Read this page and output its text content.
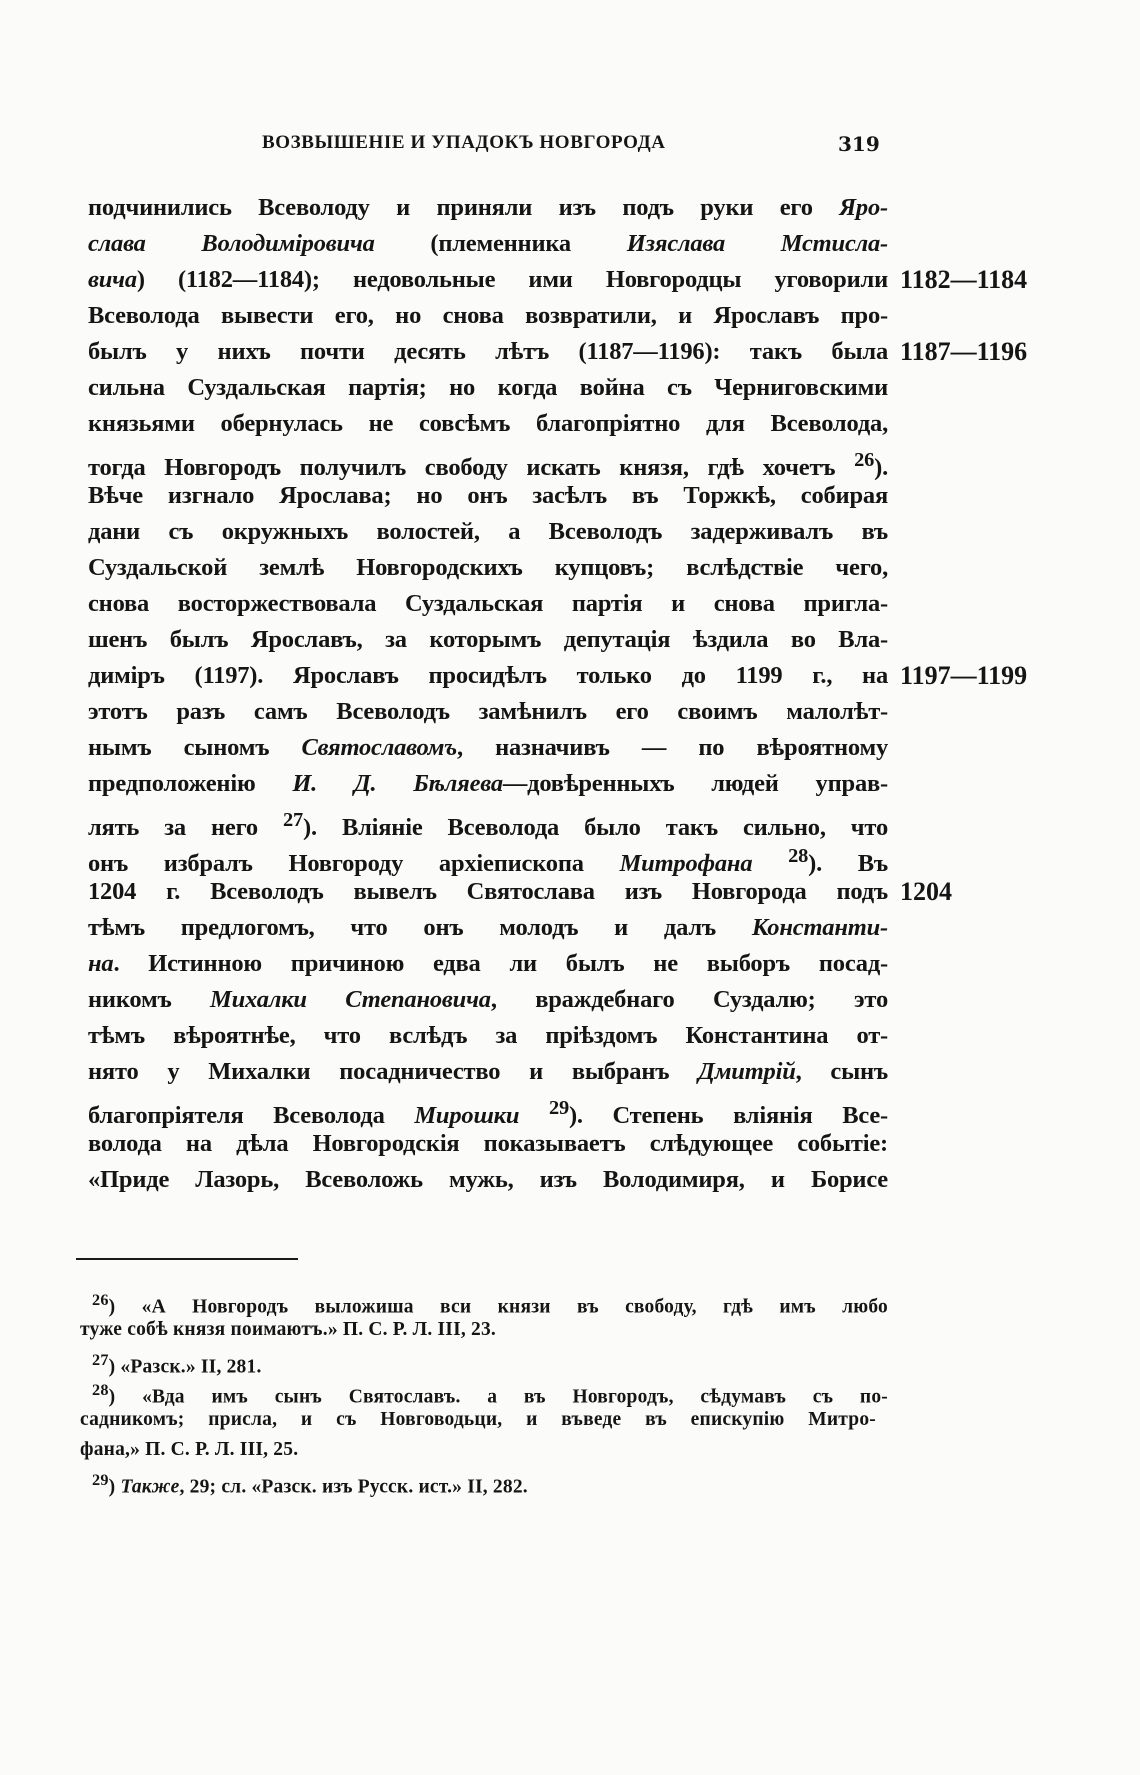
ВОЗВЫШЕНІЕ И УПАДОКЪ НОВГОРОДА	319
подчинились Всеволоду и приняли изъ подъ руки его Яро-
слава Володиміровича (племенника Изяслава Мстисла-
вича) (1182—1184); недовольные ими Новгородцы уговорили
Всеволода вывести его, но снова возвратили, и Ярославъ про-
былъ у нихъ почти десять лѣтъ (1187—1196): такъ была
сильна Суздальская партія; но когда война съ Черниговскими
князьями обернулась не совсѣмъ благопріятно для Всеволода,
тогда Новгородъ получилъ свободу искать князя, гдѣ хочетъ $^{26}$).
Вѣче изгнало Ярослава; но онъ засѣлъ въ Торжкѣ, собирая
дани съ окружныхъ волостей, а Всеволодъ задерживалъ въ
Суздальской землѣ Новгородскихъ купцовъ; вслѣдствіе чего,
снова восторжествовала Суздальская партія и снова пригла-
шенъ былъ Ярославъ, за которымъ депутація ѣздила во Вла-
диміръ (1197). Ярославъ просидѣлъ только до 1199 г., на
этотъ разъ самъ Всеволодъ замѣнилъ его своимъ малолѣт-
нымъ сыномъ Святославомъ, назначивъ — по вѣроятному
предположенію И. Д. Бѣляева—довѣренныхъ людей управ-
лять за него $^{27}$). Вліяніе Всеволода было такъ сильно, что
онъ избралъ Новгороду архіепископа Митрофана $^{28}$). Въ
1204 г. Всеволодъ вывелъ Святослава изъ Новгорода подъ
тѣмъ предлогомъ, что онъ молодъ и далъ Константи-
на. Истинною причиною едва ли былъ не выборъ посад-
никомъ Михалки Степановича, враждебнаго Суздалю; это
тѣмъ вѣроятнѣе, что вслѣдъ за пріѣздомъ Константина от-
нято у Михалки посадничество и выбранъ Дмитрій, сынъ
благопріятеля Всеволода Мирошки $^{29}$). Степень вліянія Все-
волода на дѣла Новгородскія показываетъ слѣдующее событіе:
«Приде Лазорь, Всеволожь мужь, изъ Володимиря, и Борисе
1182—1184
1187—1196
1197—1199
1204
$^{26}$) «А Новгородъ выложиша вси князи въ свободу, гдѣ имъ любо
туже собѣ князя поимаютъ.» П. С. Р. Л. III, 23.
$^{27}$) «Разск.» II, 281.
$^{28}$) «Вда имъ сынъ Святославъ. а въ Новгородъ, сѣдумавъ съ по-
садникомъ; присла, и съ Новговодьци, и въведе въ епискупію Митро-
фана,» П. С. Р. Л. III, 25.
$^{29}$) Такжe, 29; сл. «Разск. изъ Русск. ист.» II, 282.
